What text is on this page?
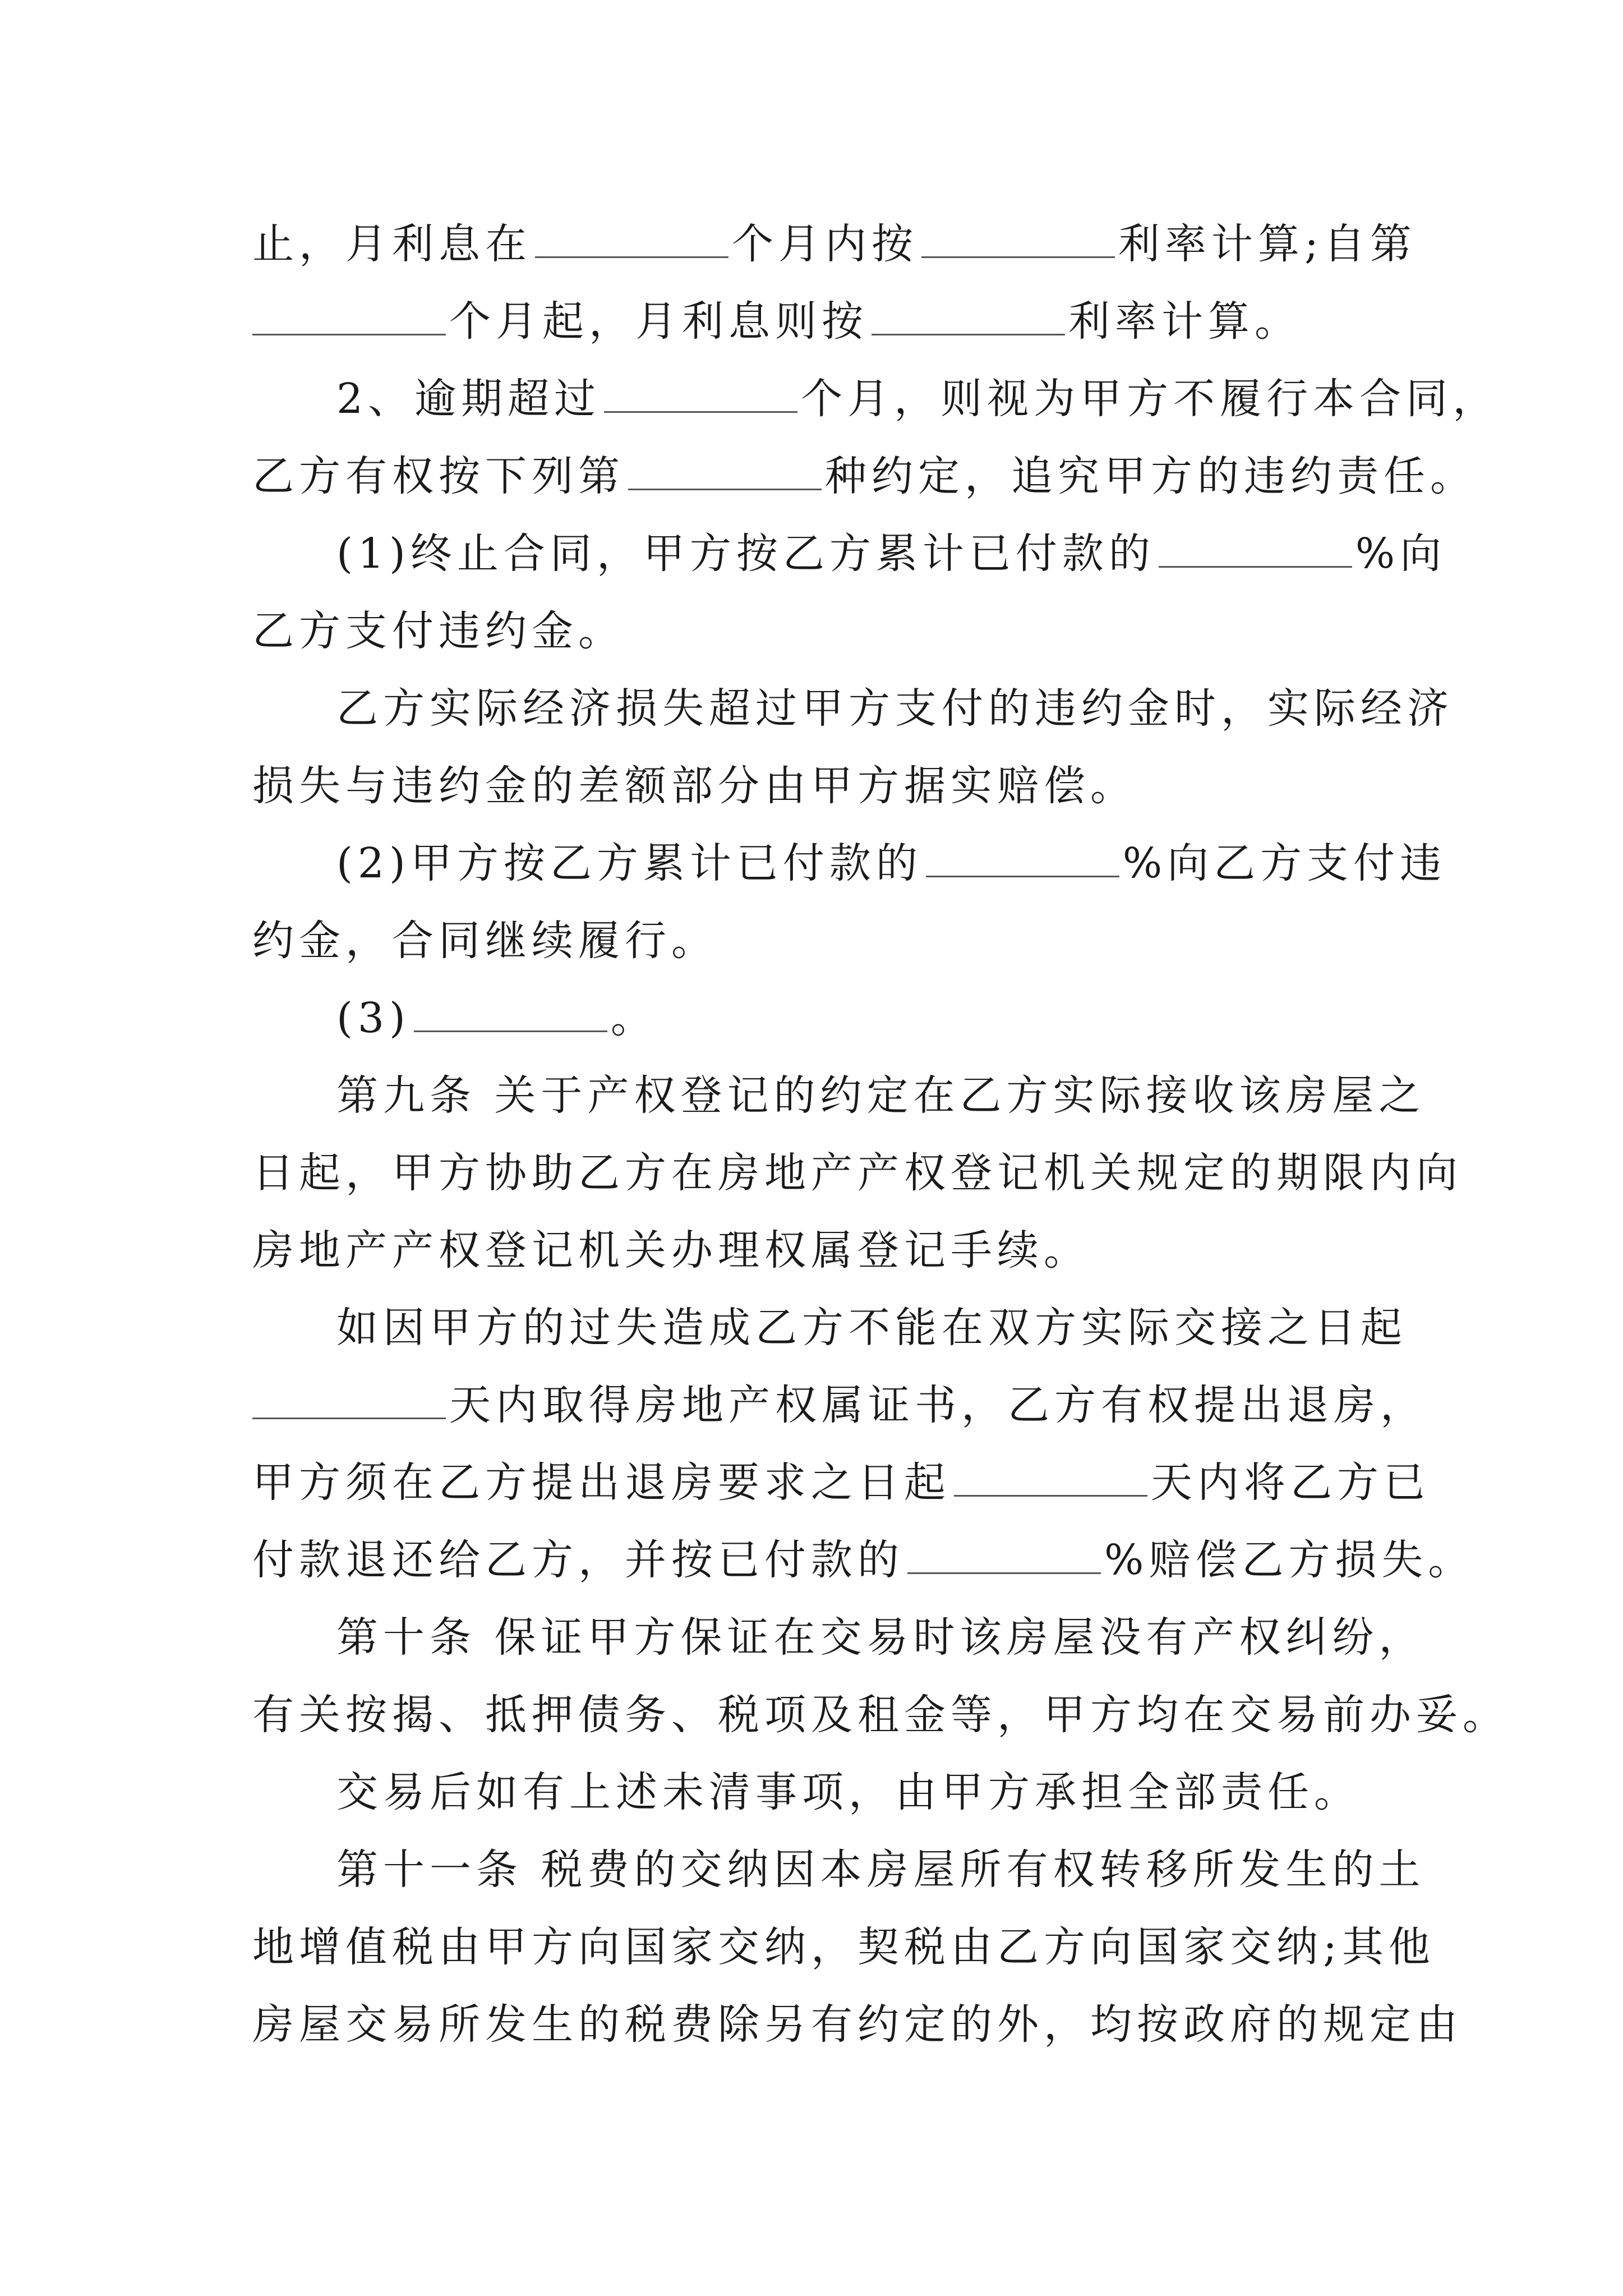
止，月利息在	个月内按	利率计算;自第
个月起，月利息则按	利率计算。
2、逾期超过	个月，则视为甲方不履行本合同，
乙方有权按下列第	种约定，追究甲方的违约责任。
(1)终止合同，甲方按乙方累计已付款的	%向
乙方支付违约金。
乙方实际经济损失超过甲方支付的违约金时，实际经济
损失与违约金的差额部分由甲方据实赔偿。
(2)甲方按乙方累计已付款的	%向乙方支付违
约金，合同继续履行。
(3)	。
第九条 关于产权登记的约定在乙方实际接收该房屋之
日起，甲方协助乙方在房地产产权登记机关规定的期限内向
房地产产权登记机关办理权属登记手续。
如因甲方的过失造成乙方不能在双方实际交接之日起
天内取得房地产权属证书，乙方有权提出退房，
甲方须在乙方提出退房要求之日起	天内将乙方已
付款退还给乙方，并按已付款的	%赔偿乙方损失。
第十条 保证甲方保证在交易时该房屋没有产权纠纷，
有关按揭、抵押债务、税项及租金等，甲方均在交易前办妥。
交易后如有上述未清事项，由甲方承担全部责任。
第十一条 税费的交纳因本房屋所有权转移所发生的土
地增值税由甲方向国家交纳，契税由乙方向国家交纳;其他
房屋交易所发生的税费除另有约定的外，均按政府的规定由
